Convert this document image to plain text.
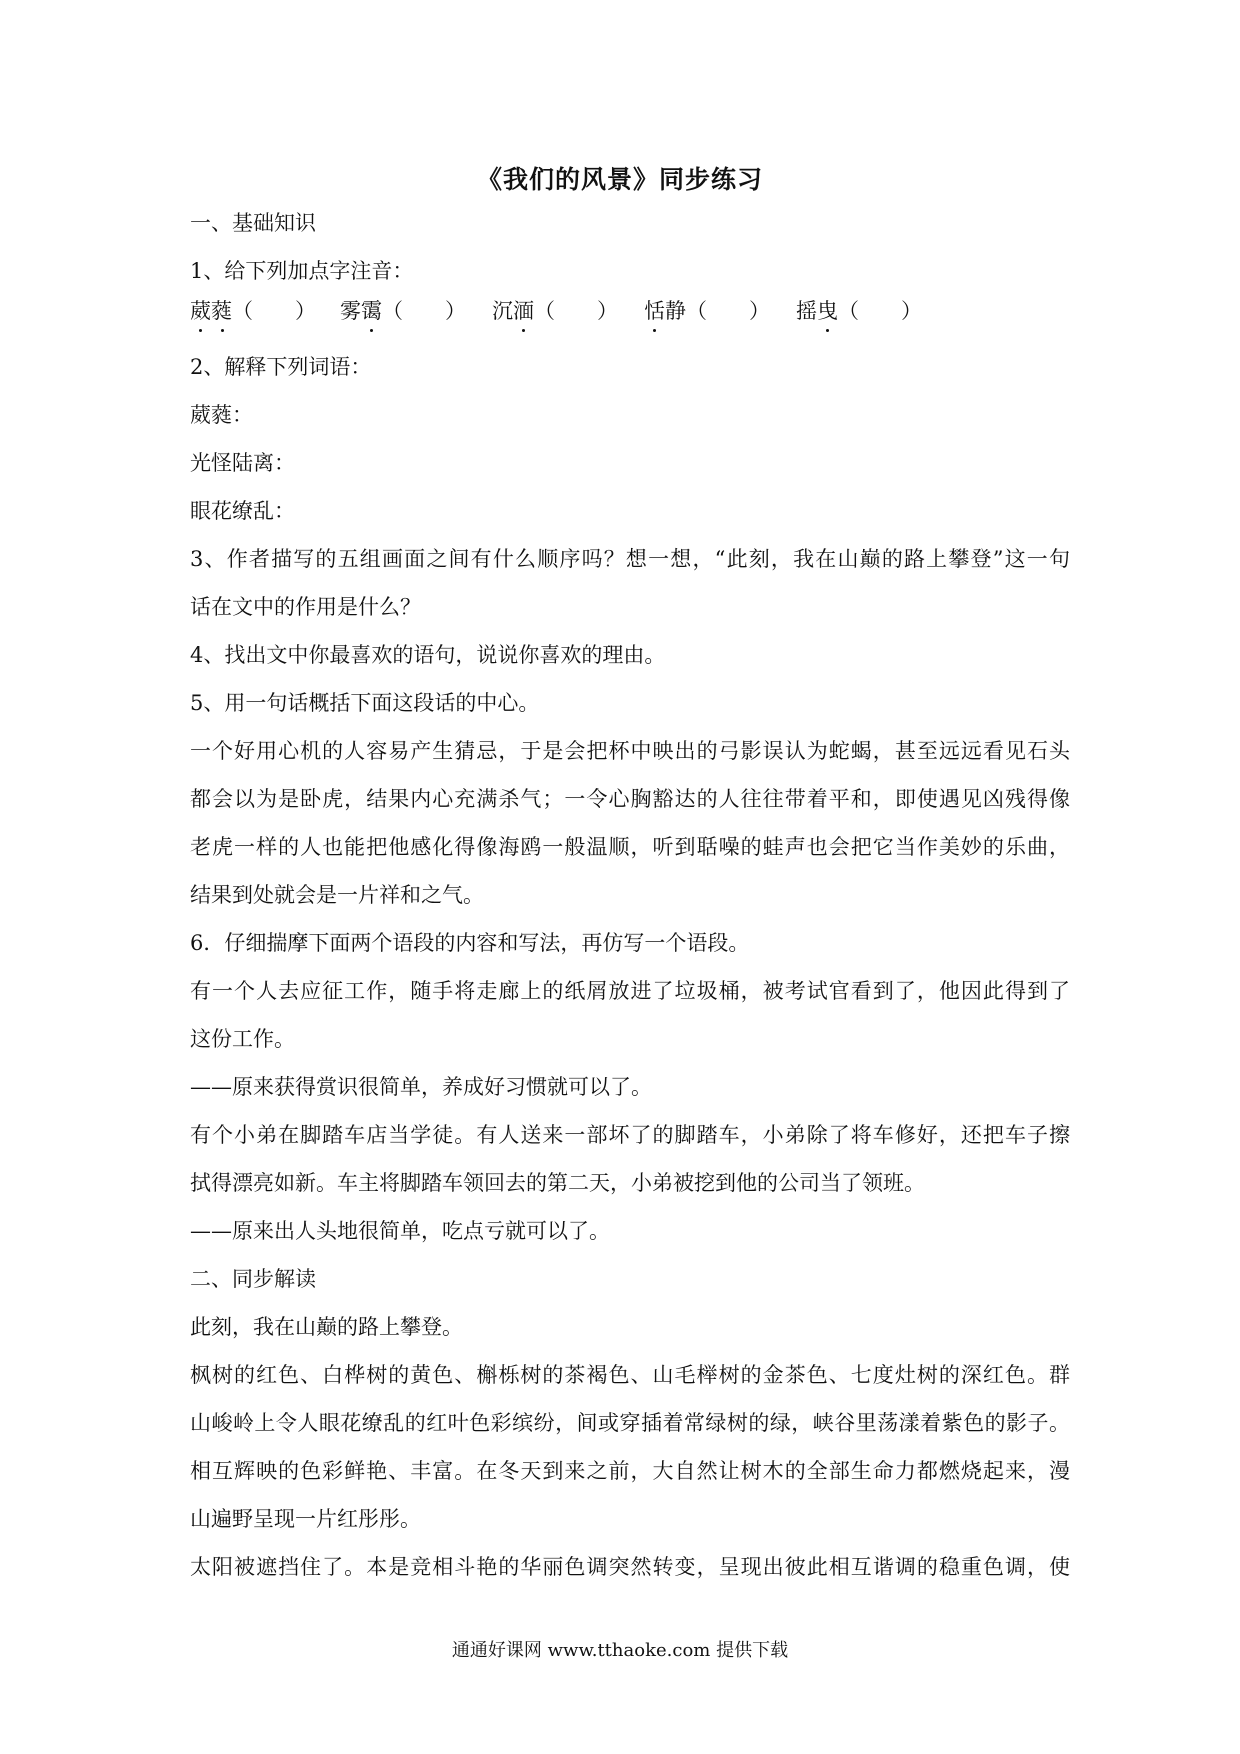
《我们的风景》同步练习
一、基础知识
1、给下列加点字注音：
葳蕤（　　） 雾霭（　　） 沉湎（　　） 恬静（　　） 摇曳（　　）
2、解释下列词语：
葳蕤：
光怪陆离：
眼花缭乱：
3、作者描写的五组画面之间有什么顺序吗？想一想，“此刻，我在山巅的路上攀登”这一句
话在文中的作用是什么？
4、找出文中你最喜欢的语句，说说你喜欢的理由。
5、用一句话概括下面这段话的中心。
一个好用心机的人容易产生猜忌，于是会把杯中映出的弓影误认为蛇蝎，甚至远远看见石头
都会以为是卧虎，结果内心充满杀气；一令心胸豁达的人往往带着平和，即使遇见凶残得像
老虎一样的人也能把他感化得像海鸥一般温顺，听到聒噪的蛙声也会把它当作美妙的乐曲，
结果到处就会是一片祥和之气。
6．仔细揣摩下面两个语段的内容和写法，再仿写一个语段。
有一个人去应征工作，随手将走廊上的纸屑放进了垃圾桶，被考试官看到了，他因此得到了
这份工作。
——原来获得赏识很简单，养成好习惯就可以了。
有个小弟在脚踏车店当学徒。有人送来一部坏了的脚踏车，小弟除了将车修好，还把车子擦
拭得漂亮如新。车主将脚踏车领回去的第二天，小弟被挖到他的公司当了领班。
——原来出人头地很简单，吃点亏就可以了。
二、同步解读
此刻，我在山巅的路上攀登。
枫树的红色、白桦树的黄色、槲栎树的茶褐色、山毛榉树的金茶色、七度灶树的深红色。群
山峻岭上令人眼花缭乱的红叶色彩缤纷，间或穿插着常绿树的绿，峡谷里荡漾着紫色的影子。
相互辉映的色彩鲜艳、丰富。在冬天到来之前，大自然让树木的全部生命力都燃烧起来，漫
山遍野呈现一片红彤彤。
太阳被遮挡住了。本是竞相斗艳的华丽色调突然转变，呈现出彼此相互谐调的稳重色调，使
通通好课网 www.tthaoke.com 提供下载
